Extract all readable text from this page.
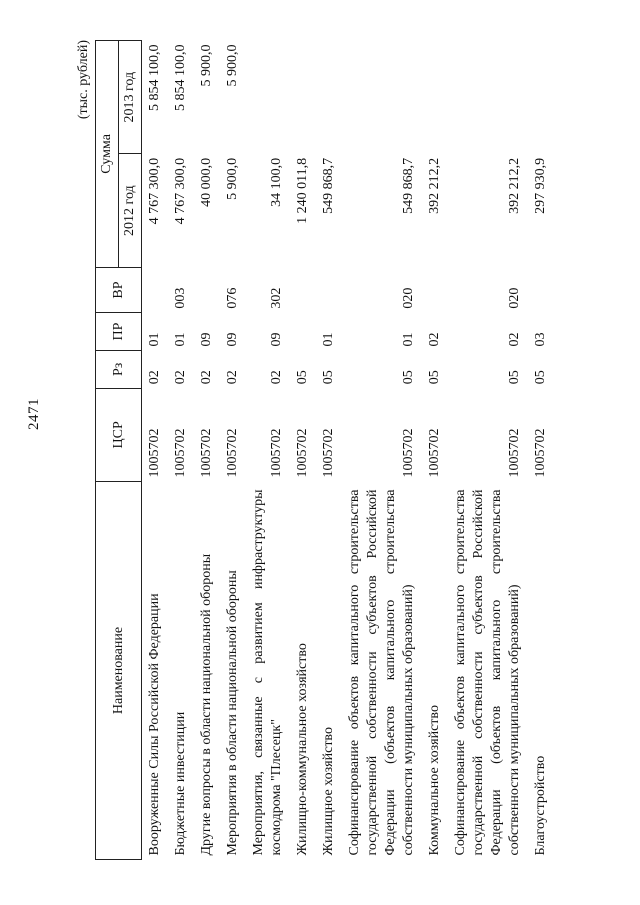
2471
(тыс. рублей)
Наименование	ЦСР	Рз	ПР	ВР	Сумма	
					2012 год	2013 год
Вооруженные Силы Российской Федерации	1005702	02	01		4 767 300,0	5 854 100,0
Бюджетные инвестиции	1005702	02	01	003	4 767 300,0	5 854 100,0
Другие вопросы в области национальной обороны	1005702	02	09		40 000,0	5 900,0
Мероприятия в области национальной обороны	1005702	02	09	076	5 900,0	5 900,0
Мероприятия, связанные с развитием инфраструктуры космодрома "Плесецк"	1005702	02	09	302	34 100,0	
Жилищно-коммунальное хозяйство	1005702	05			1 240 011,8	
Жилищное хозяйство	1005702	05	01		549 868,7	
Софинансирование объектов капитального строительства государственной собственности субъектов Российской Федерации (объектов капитального строительства собственности муниципальных образований)	1005702	05	01	020	549 868,7	
Коммунальное хозяйство	1005702	05	02		392 212,2	
Софинансирование объектов капитального строительства государственной собственности субъектов Российской Федерации (объектов капитального строительства собственности муниципальных образований)	1005702	05	02	020	392 212,2	
Благоустройство	1005702	05	03		297 930,9	
